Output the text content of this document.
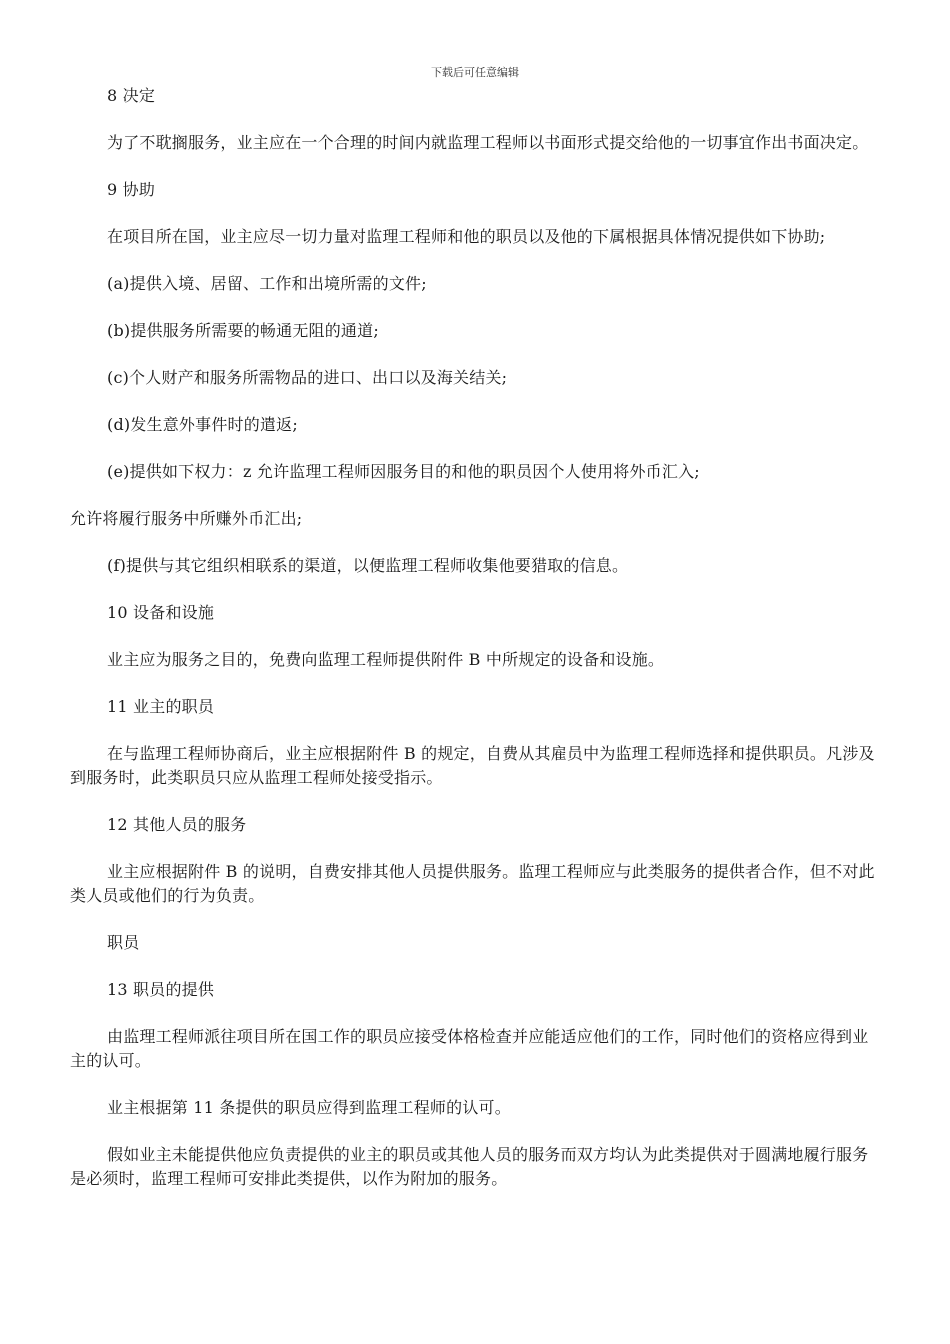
下载后可任意编辑
8 决定
为了不耽搁服务，业主应在一个合理的时间内就监理工程师以书面形式提交给他的一切事宜作出书面决定。
9 协助
在项目所在国，业主应尽一切力量对监理工程师和他的职员以及他的下属根据具体情况提供如下协助;
(a)提供入境、居留、工作和出境所需的文件;
(b)提供服务所需要的畅通无阻的通道;
(c)个人财产和服务所需物品的进口、出口以及海关结关;
(d)发生意外事件时的遣返;
(e)提供如下权力：z 允许监理工程师因服务目的和他的职员因个人使用将外币汇入;
允许将履行服务中所赚外币汇出;
(f)提供与其它组织相联系的渠道，以便监理工程师收集他要猎取的信息。
10 设备和设施
业主应为服务之目的，免费向监理工程师提供附件 B 中所规定的设备和设施。
11 业主的职员
在与监理工程师协商后，业主应根据附件 B 的规定，自费从其雇员中为监理工程师选择和提供职员。凡涉及到服务时，此类职员只应从监理工程师处接受指示。
12 其他人员的服务
业主应根据附件 B 的说明，自费安排其他人员提供服务。监理工程师应与此类服务的提供者合作，但不对此类人员或他们的行为负责。
职员
13 职员的提供
由监理工程师派往项目所在国工作的职员应接受体格检查并应能适应他们的工作，同时他们的资格应得到业主的认可。
业主根据第 11 条提供的职员应得到监理工程师的认可。
假如业主未能提供他应负责提供的业主的职员或其他人员的服务而双方均认为此类提供对于圆满地履行服务是必须时，监理工程师可安排此类提供，以作为附加的服务。
